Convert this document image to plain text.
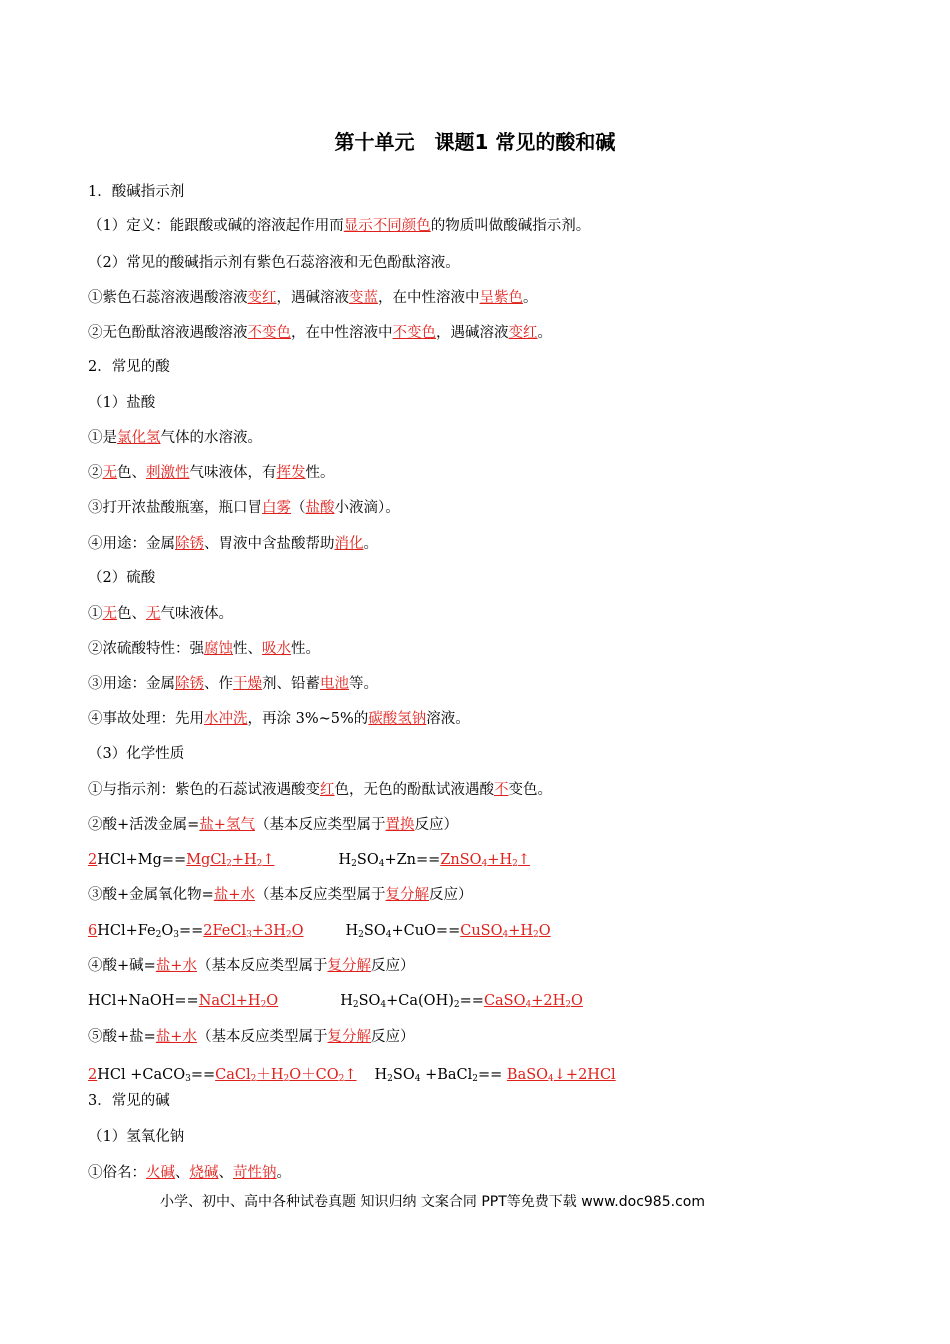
第十单元　课题1 常见的酸和碱
1．酸碱指示剂
（1）定义：能跟酸或碱的溶液起作用而显示不同颜色的物质叫做酸碱指示剂。
（2）常见的酸碱指示剂有紫色石蕊溶液和无色酚酞溶液。
①紫色石蕊溶液遇酸溶液变红，遇碱溶液变蓝，在中性溶液中呈紫色。
②无色酚酞溶液遇酸溶液不变色，在中性溶液中不变色，遇碱溶液变红。
2．常见的酸
（1）盐酸
①是氯化氢气体的水溶液。
②无色、刺激性气味液体，有挥发性。
③打开浓盐酸瓶塞，瓶口冒白雾（盐酸小液滴）。
④用途：金属除锈、胃液中含盐酸帮助消化。
（2）硫酸
①无色、无气味液体。
②浓硫酸特性：强腐蚀性、吸水性。
③用途：金属除锈、作干燥剂、铅蓄电池等。
④事故处理：先用水冲洗，再涂 3%~5%的碳酸氢钠溶液。
（3）化学性质
①与指示剂：紫色的石蕊试液遇酸变红色，无色的酚酞试液遇酸不变色。
②酸+活泼金属=盐+氢气（基本反应类型属于置换反应）
$2HCl+Mg==MgCl_2+H_2↑$	$H_2SO_4+Zn==ZnSO_4+H_2↑$
③酸+金属氧化物=盐+水（基本反应类型属于复分解反应）
$6HCl+Fe_2O_3==2FeCl_3+3H_2O$	$H_2SO_4+CuO==CuSO_4+H_2O$
④酸+碱=盐+水（基本反应类型属于复分解反应）
$HCl+NaOH==NaCl+H_2O$	$H_2SO_4+Ca(OH)_2==CaSO_4+2H_2O$
⑤酸+盐=盐+水（基本反应类型属于复分解反应）
$2HCl +CaCO_3==CaCl_2+H_2O+CO_2↑$ $H_2SO_4$ +BaCl$_2$== BaSO$_4$↓+2HCl
3．常见的碱
（1）氢氧化钠
①俗名：火碱、烧碱、苛性钠。
小学、初中、高中各种试卷真题 知识归纳 文案合同 PPT等免费下载 www.doc985.com
